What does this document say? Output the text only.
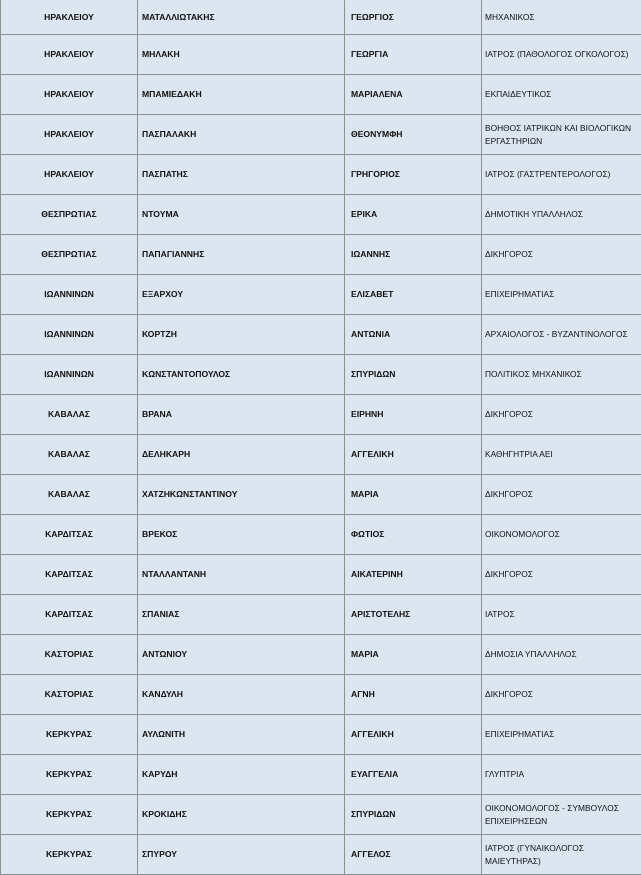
ΗΡΑΚΛΕΙΟΥ	ΜΑΤΑΛΛΙΩΤΑΚΗΣ	ΓΕΩΡΓΙΟΣ	ΜΗΧΑΝΙΚΟΣ
ΗΡΑΚΛΕΙΟΥ	ΜΗΛΑΚΗ	ΓΕΩΡΓΙΑ	ΙΑΤΡΟΣ (ΠΑΘΟΛΟΓΟΣ ΟΓΚΟΛΟΓΟΣ)
ΗΡΑΚΛΕΙΟΥ	ΜΠΑΜΙΕΔΑΚΗ	ΜΑΡΙΑΛΕΝΑ	ΕΚΠΑΙΔΕΥΤΙΚΟΣ
ΗΡΑΚΛΕΙΟΥ	ΠΑΣΠΑΛΑΚΗ	ΘΕΟΝΥΜΦΗ	ΒΟΗΘΟΣ ΙΑΤΡΙΚΩΝ ΚΑΙ ΒΙΟΛΟΓΙΚΩΝ ΕΡΓΑΣΤΗΡΙΩΝ
ΗΡΑΚΛΕΙΟΥ	ΠΑΣΠΑΤΗΣ	ΓΡΗΓΟΡΙΟΣ	ΙΑΤΡΟΣ (ΓΑΣΤΡΕΝΤΕΡΟΛΟΓΟΣ)
ΘΕΣΠΡΩΤΙΑΣ	ΝΤΟΥΜΑ	ΕΡΙΚΑ	ΔΗΜΟΤΙΚΗ ΥΠΑΛΛΗΛΟΣ
ΘΕΣΠΡΩΤΙΑΣ	ΠΑΠΑΓΙΑΝΝΗΣ	ΙΩΑΝΝΗΣ	ΔΙΚΗΓΟΡΟΣ
ΙΩΑΝΝΙΝΩΝ	ΕΞΑΡΧΟΥ	ΕΛΙΣΑΒΕΤ	ΕΠΙΧΕΙΡΗΜΑΤΙΑΣ
ΙΩΑΝΝΙΝΩΝ	ΚΟΡΤΖΗ	ΑΝΤΩΝΙΑ	ΑΡΧΑΙΟΛΟΓΟΣ - ΒΥΖΑΝΤΙΝΟΛΟΓΟΣ
ΙΩΑΝΝΙΝΩΝ	ΚΩΝΣΤΑΝΤΟΠΟΥΛΟΣ	ΣΠΥΡΙΔΩΝ	ΠΟΛΙΤΙΚΟΣ ΜΗΧΑΝΙΚΟΣ
ΚΑΒΑΛΑΣ	ΒΡΑΝΑ	ΕΙΡΗΝΗ	ΔΙΚΗΓΟΡΟΣ
ΚΑΒΑΛΑΣ	ΔΕΛΗΚΑΡΗ	ΑΓΓΕΛΙΚΗ	ΚΑΘΗΓΗΤΡΙΑ ΑΕΙ
ΚΑΒΑΛΑΣ	ΧΑΤΖΗΚΩΝΣΤΑΝΤΙΝΟΥ	ΜΑΡΙΑ	ΔΙΚΗΓΟΡΟΣ
ΚΑΡΔΙΤΣΑΣ	ΒΡΕΚΟΣ	ΦΩΤΙΟΣ	ΟΙΚΟΝΟΜΟΛΟΓΟΣ
ΚΑΡΔΙΤΣΑΣ	ΝΤΑΛΛΑΝΤΑΝΗ	ΑΙΚΑΤΕΡΙΝΗ	ΔΙΚΗΓΟΡΟΣ
ΚΑΡΔΙΤΣΑΣ	ΣΠΑΝΙΑΣ	ΑΡΙΣΤΟΤΕΛΗΣ	ΙΑΤΡΟΣ
ΚΑΣΤΟΡΙΑΣ	ΑΝΤΩΝΙΟΥ	ΜΑΡΙΑ	ΔΗΜΟΣΙΑ ΥΠΑΛΛΗΛΟΣ
ΚΑΣΤΟΡΙΑΣ	ΚΑΝΔΥΛΗ	ΑΓΝΗ	ΔΙΚΗΓΟΡΟΣ
ΚΕΡΚΥΡΑΣ	ΑΥΛΩΝΙΤΗ	ΑΓΓΕΛΙΚΗ	ΕΠΙΧΕΙΡΗΜΑΤΙΑΣ
ΚΕΡΚΥΡΑΣ	ΚΑΡΥΔΗ	ΕΥΑΓΓΕΛΙΑ	ΓΛΥΠΤΡΙΑ
ΚΕΡΚΥΡΑΣ	ΚΡΟΚΙΔΗΣ	ΣΠΥΡΙΔΩΝ	ΟΙΚΟΝΟΜΟΛΟΓΟΣ - ΣΥΜΒΟΥΛΟΣ ΕΠΙΧΕΙΡΗΣΕΩΝ
ΚΕΡΚΥΡΑΣ	ΣΠΥΡΟΥ	ΑΓΓΕΛΟΣ	ΙΑΤΡΟΣ (ΓΥΝΑΙΚΟΛΟΓΟΣ ΜΑΙΕΥΤΗΡΑΣ)
